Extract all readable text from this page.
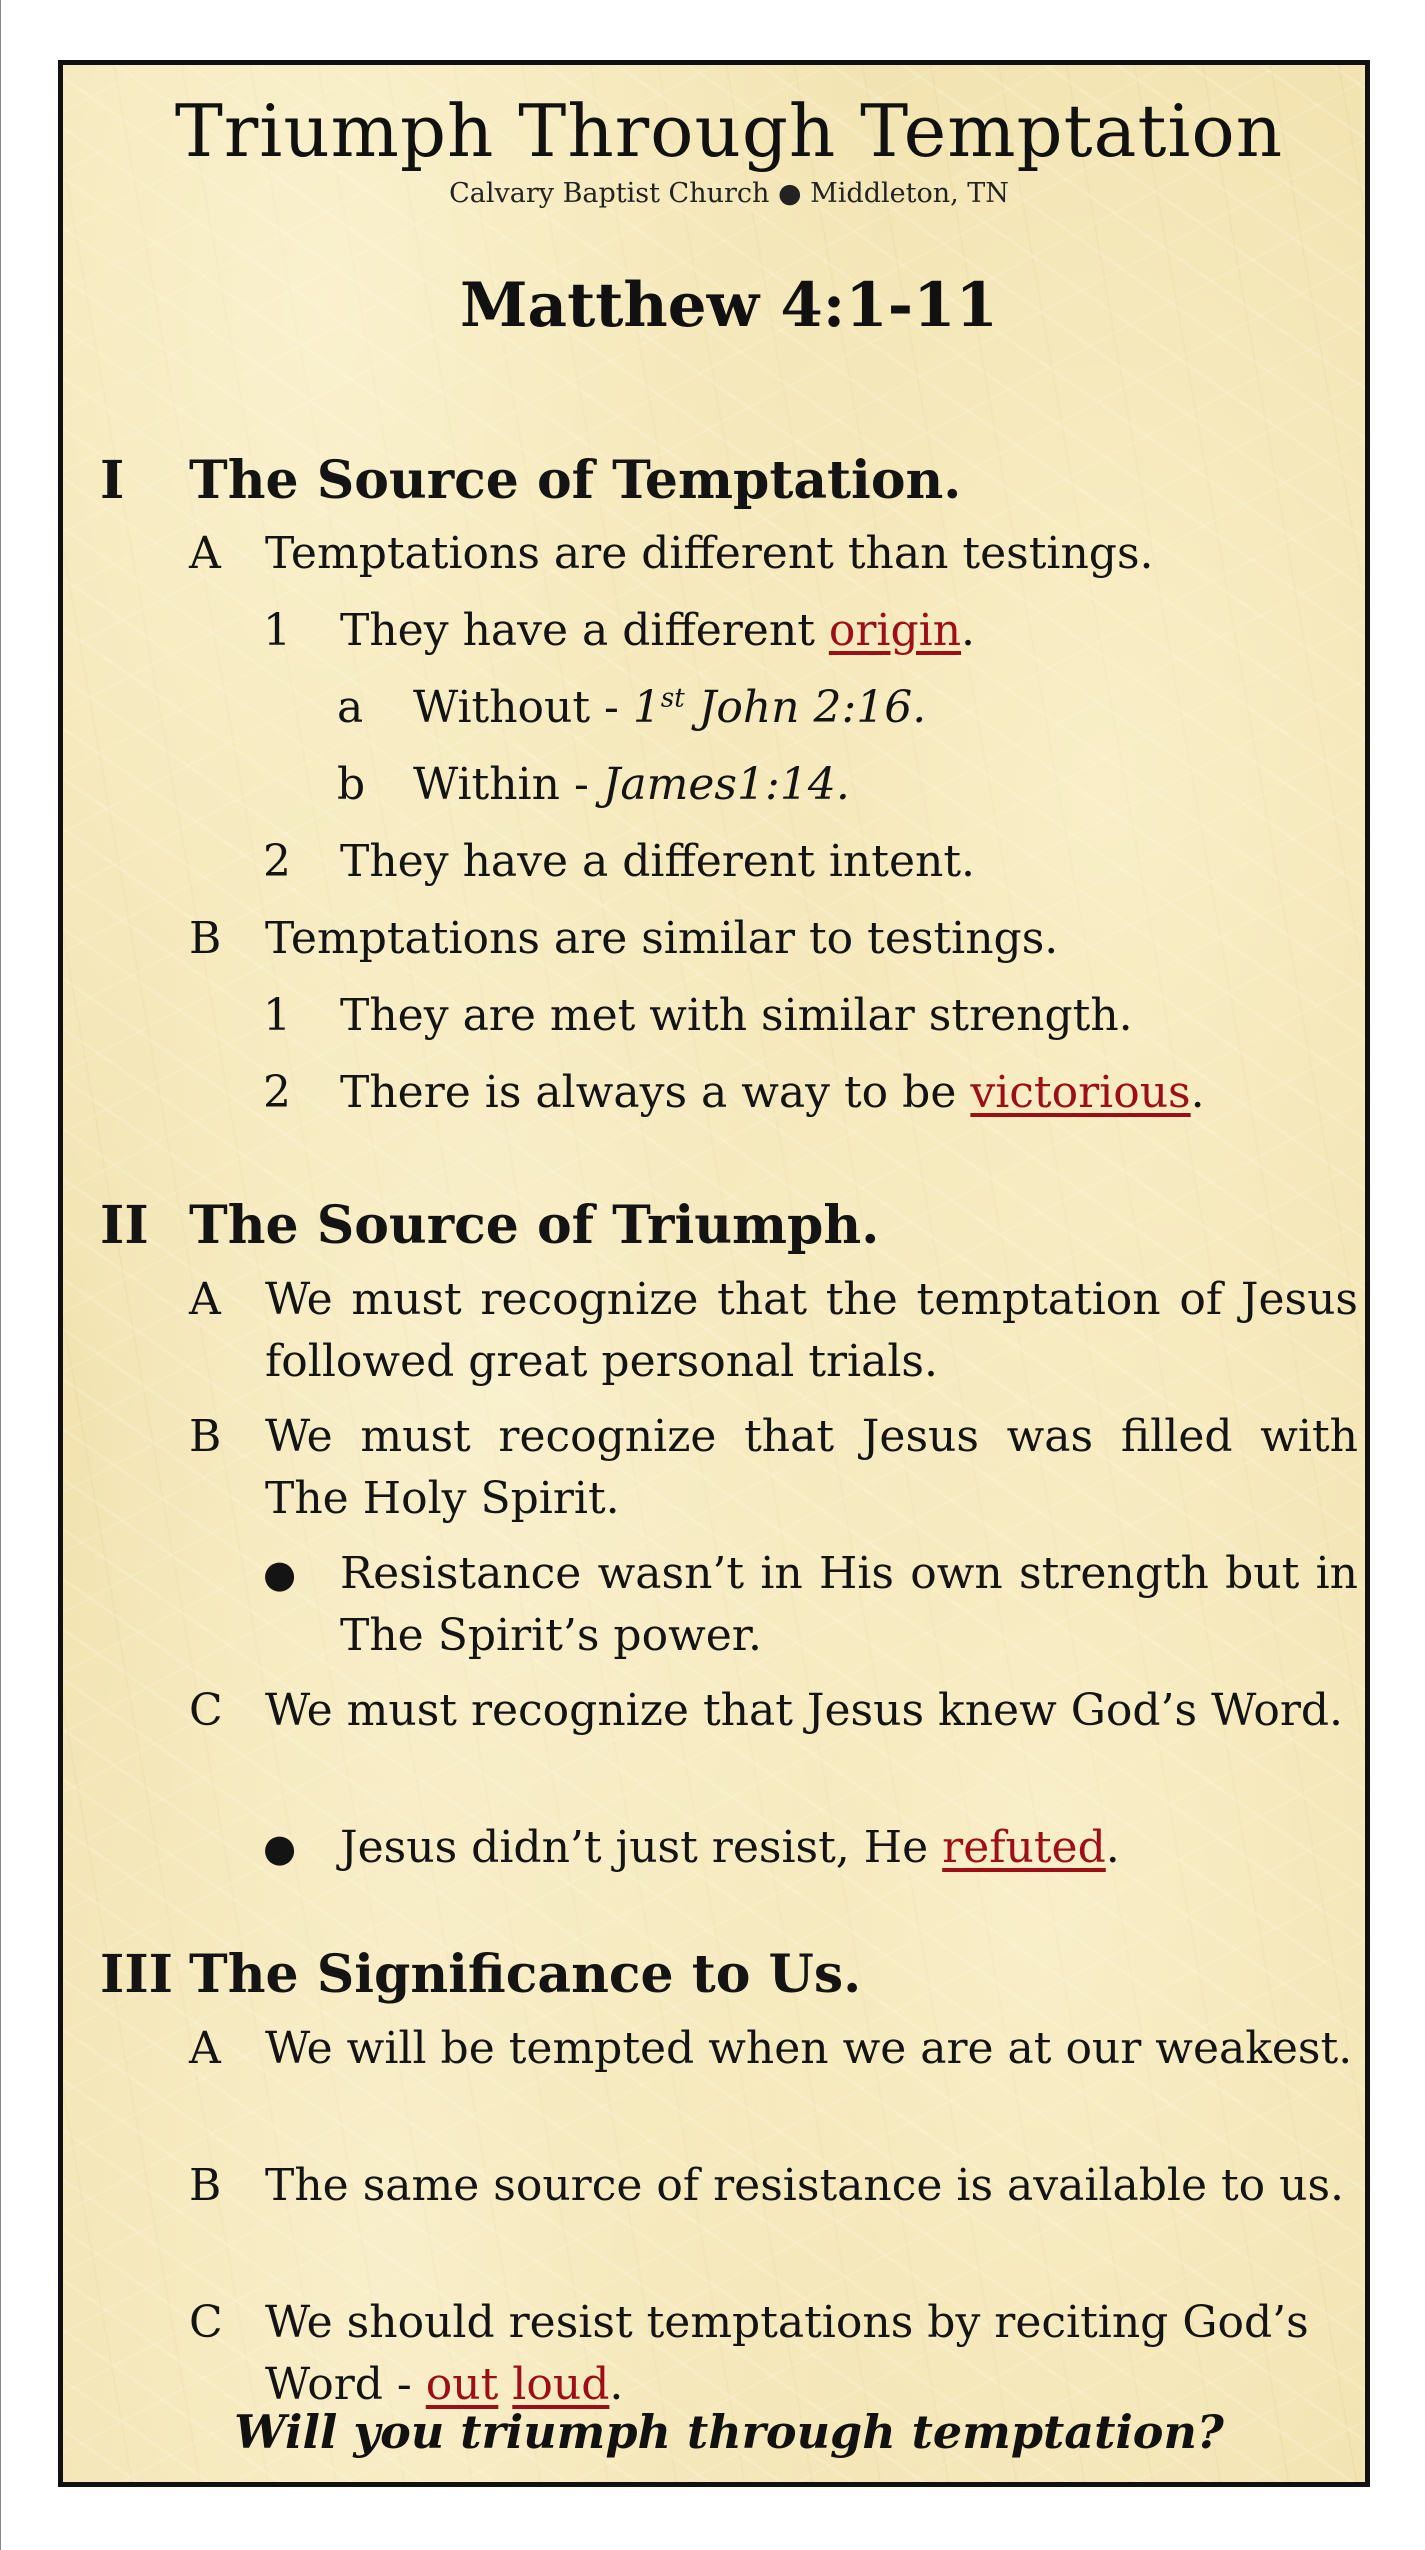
Triumph Through Temptation
Calvary Baptist Church ● Middleton, TN
Matthew 4:1-11
I The Source of Temptation.
A Temptations are different than testings.
1 They have a different origin.
a Without - 1st John 2:16.
b Within - James1:14.
2 They have a different intent.
B Temptations are similar to testings.
1 They are met with similar strength.
2 There is always a way to be victorious.
II The Source of Triumph.
A We must recognize that the temptation of Jesus followed great personal trials.
B We must recognize that Jesus was filled with The Holy Spirit.
● Resistance wasn’t in His own strength but in The Spirit’s power.
C We must recognize that Jesus knew God’s Word.
● Jesus didn’t just resist, He refuted.
III The Significance to Us.
A We will be tempted when we are at our weakest.
B The same source of resistance is available to us.
C We should resist temptations by reciting God’s Word - out loud.
Will you triumph through temptation?
